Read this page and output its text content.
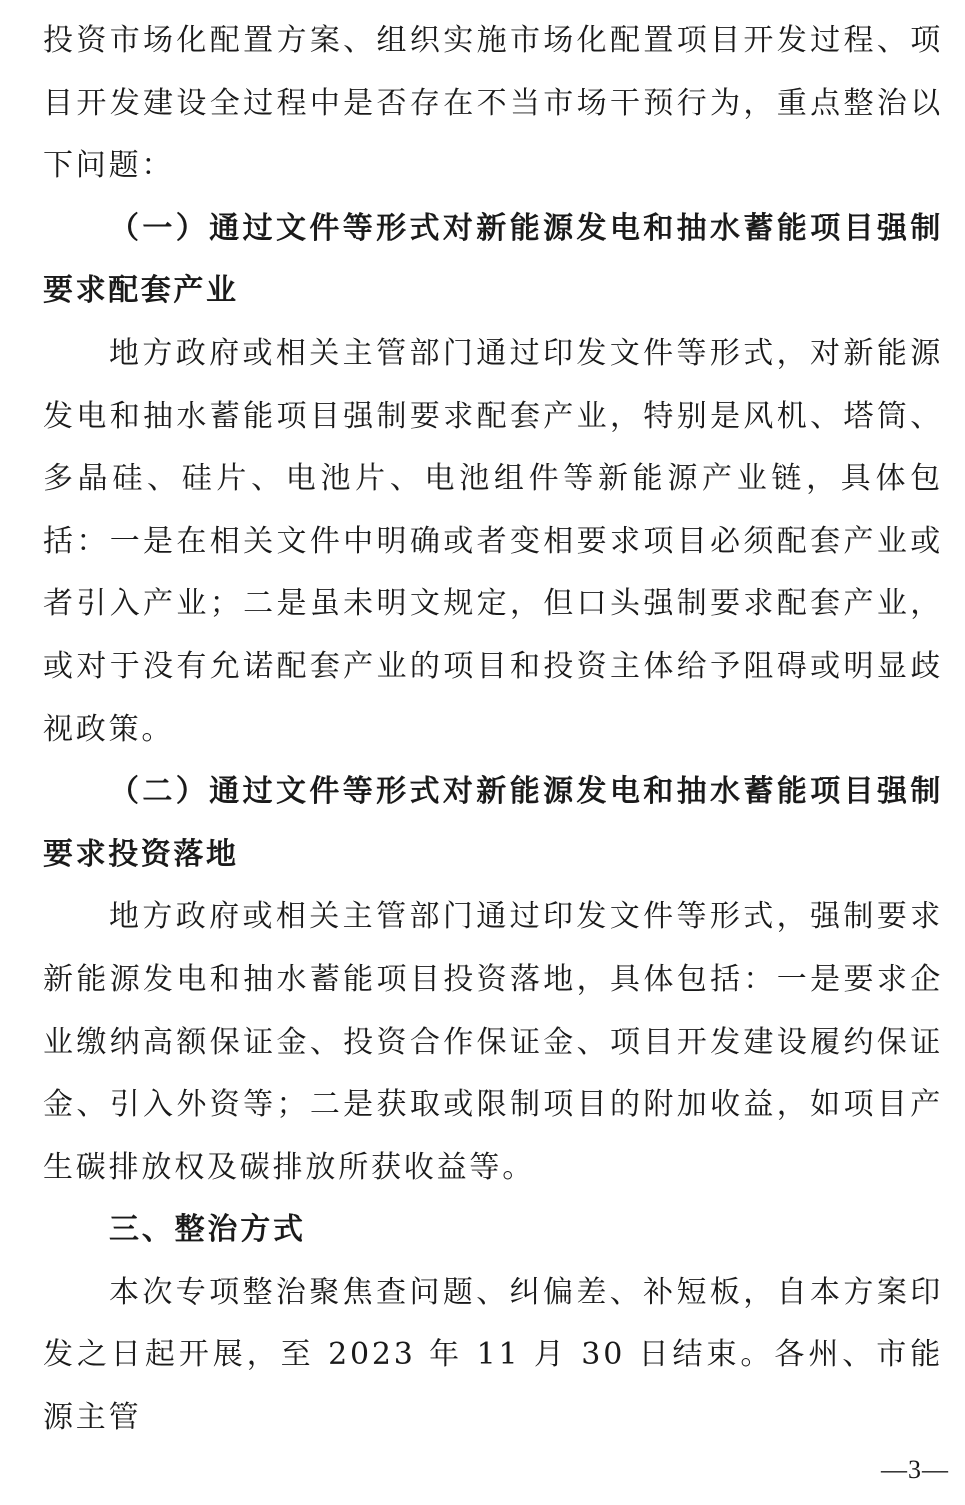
投资市场化配置方案、组织实施市场化配置项目开发过程、项目开发建设全过程中是否存在不当市场干预行为，重点整治以下问题：

（一）通过文件等形式对新能源发电和抽水蓄能项目强制要求配套产业

地方政府或相关主管部门通过印发文件等形式，对新能源发电和抽水蓄能项目强制要求配套产业，特别是风机、塔筒、多晶硅、硅片、电池片、电池组件等新能源产业链，具体包括：一是在相关文件中明确或者变相要求项目必须配套产业或者引入产业；二是虽未明文规定，但口头强制要求配套产业，或对于没有允诺配套产业的项目和投资主体给予阻碍或明显歧视政策。

（二）通过文件等形式对新能源发电和抽水蓄能项目强制要求投资落地

地方政府或相关主管部门通过印发文件等形式，强制要求新能源发电和抽水蓄能项目投资落地，具体包括：一是要求企业缴纳高额保证金、投资合作保证金、项目开发建设履约保证金、引入外资等；二是获取或限制项目的附加收益，如项目产生碳排放权及碳排放所获收益等。

三、整治方式

本次专项整治聚焦查问题、纠偏差、补短板，自本方案印发之日起开展，至 2023 年 11 月 30 日结束。各州、市能源主管

—3—
